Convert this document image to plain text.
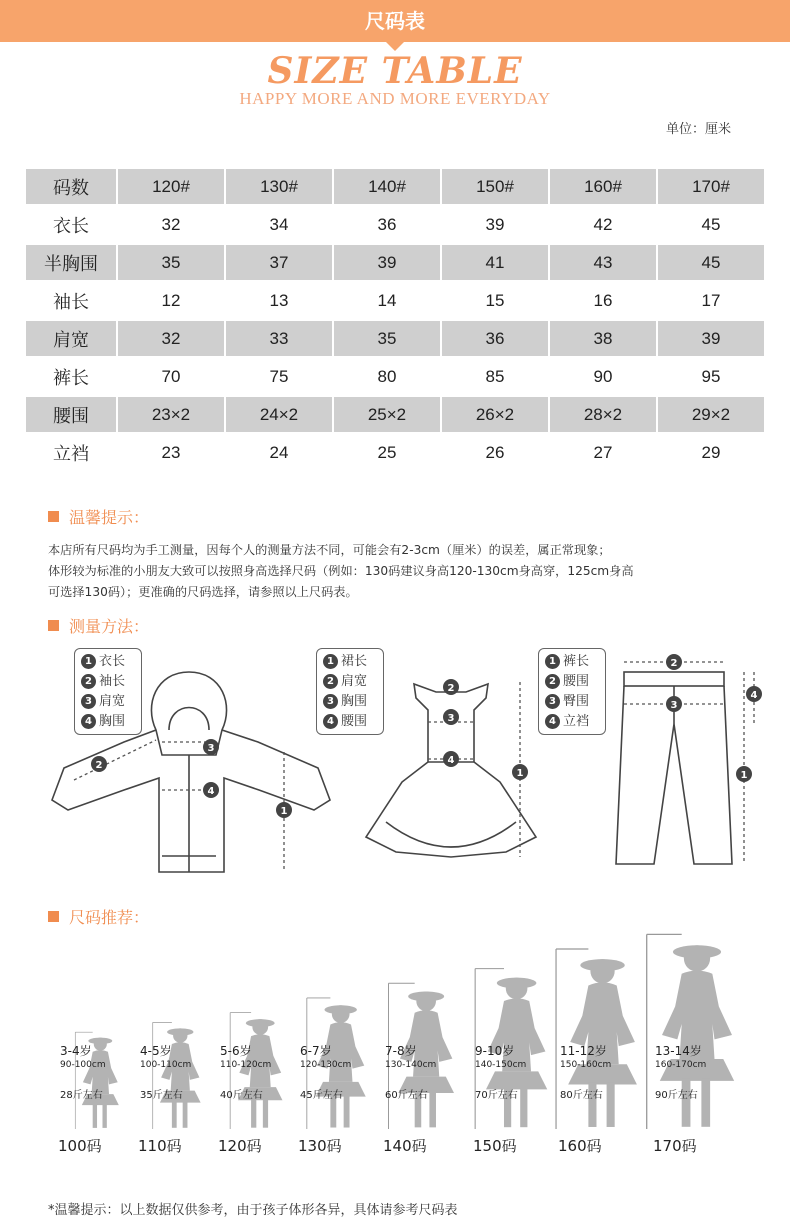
尺码表
SIZE TABLE
HAPPY MORE AND MORE EVERYDAY
单位：厘米
码数	120#	130#	140#	150#	160#	170#
衣长	32	34	36	39	42	45
半胸围	35	37	39	41	43	45
袖长	12	13	14	15	16	17
肩宽	32	33	35	36	38	39
裤长	70	75	80	85	90	95
腰围	23×2	24×2	25×2	26×2	28×2	29×2
立裆	23	24	25	26	27	29
温馨提示：
本店所有尺码均为手工测量，因每个人的测量方法不同，可能会有2-3cm（厘米）的误差，属正常现象；
体形较为标准的小朋友大致可以按照身高选择尺码（例如：130码建议身高120-130cm身高穿，125cm身高
可选择130码）；更准确的尺码选择，请参照以上尺码表。
测量方法：
1
2
3
4
1 衣长
2 袖长
3 肩宽
4 胸围
1
2
3
4
1 裙长
2 肩宽
3 胸围
4 腰围
1
2
3
4
1 裤长
2 腰围
3 臀围
4 立裆
尺码推荐：
3-4岁
90-100cm
28斤左右
100码
4-5岁
100-110cm
35斤左右
110码
5-6岁
110-120cm
40斤左右
120码
6-7岁
120-130cm
45斤左右
130码
7-8岁
130-140cm
60斤左右
140码
9-10岁
140-150cm
70斤左右
150码
11-12岁
150-160cm
80斤左右
160码
13-14岁
160-170cm
90斤左右
170码
*温馨提示：以上数据仅供参考，由于孩子体形各异，具体请参考尺码表
